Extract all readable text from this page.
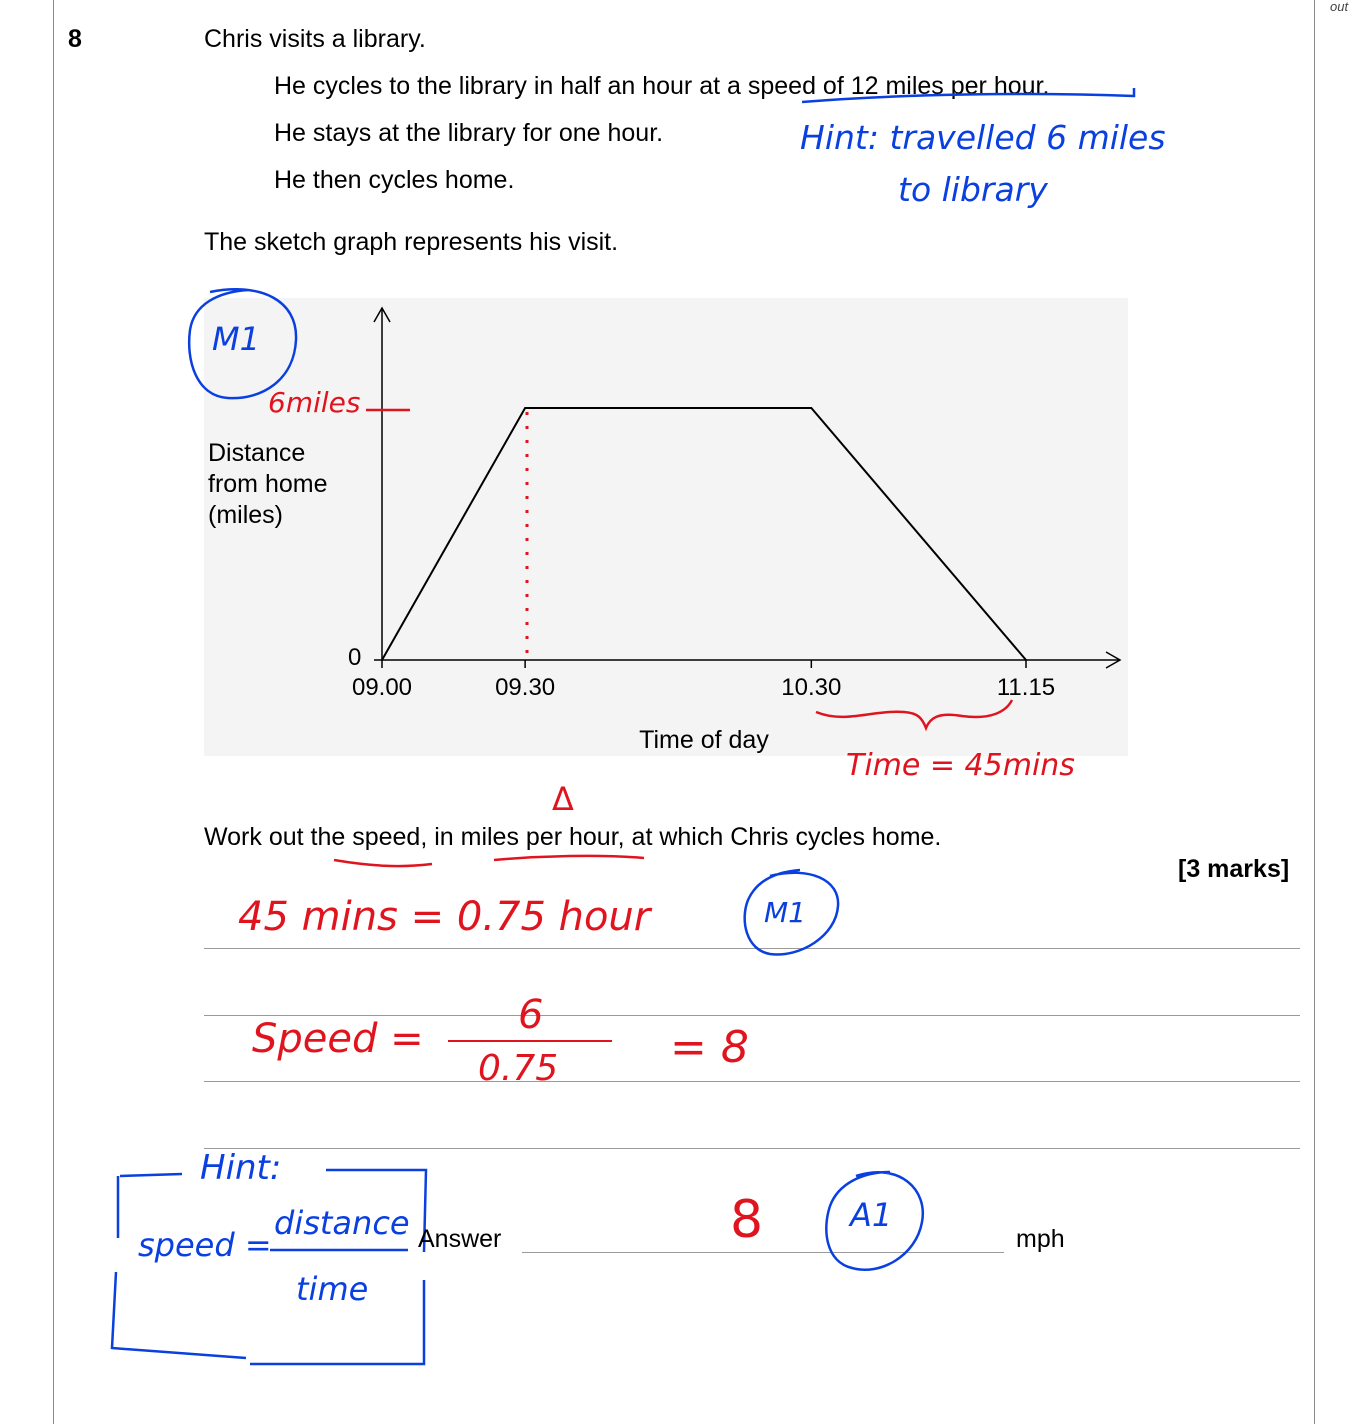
out
8	Chris visits a library.
He cycles to the library in half an hour at a speed of 12 miles per hour.
He stays at the library for one hour.
He then cycles home.
The sketch graph represents his visit.
09.00	09.30	10.30	11.15
0
Distance
from home
(miles)
Time of day
Hint: travelled 6 miles
to library
M1
6miles
Time = 45mins
Δ
Work out the speed, in miles per hour, at which Chris cycles home.
[3 marks]
45 mins = 0.75 hour	M1
Speed =
6
0.75	= 8
Hint:
speed =
distance
time
Answer	8	A1
mph
